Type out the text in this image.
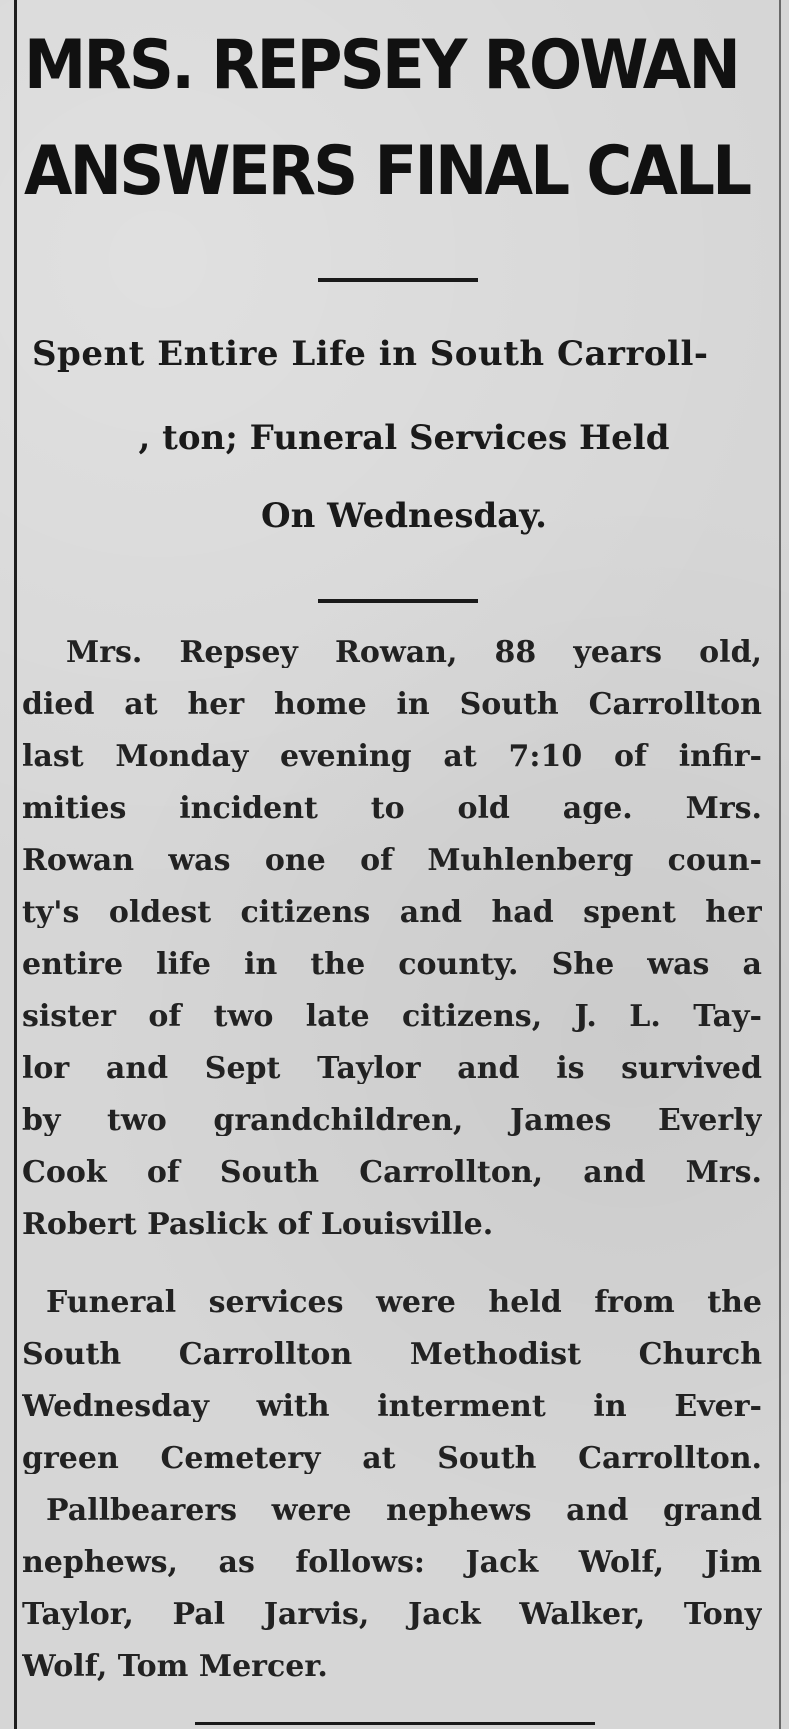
MRS. REPSEY ROWAN
ANSWERS FINAL CALL

Spent Entire Life in South Carroll-

, ton; Funeral Services Held

On Wednesday.

Mrs. Repsey Rowan, 88 years old,

died at her home in South Carrollton

last Monday evening at 7:10 of infir-

mities incident to old age. Mrs.

Rowan was one of Muhlenberg coun-

ty's oldest citizens and had spent her

entire life in the county. She was a

sister of two late citizens, J. L. Tay-

lor and Sept Taylor and is survived

by two grandchildren, James Everly

Cook of South Carrollton, and Mrs.

Robert Paslick of Louisville.

Funeral services were held from the

South Carrollton Methodist Church

Wednesday with interment in Ever-

green Cemetery at South Carrollton.

Pallbearers were nephews and grand

nephews, as follows: Jack Wolf, Jim

Taylor, Pal Jarvis, Jack Walker, Tony

Wolf, Tom Mercer.
